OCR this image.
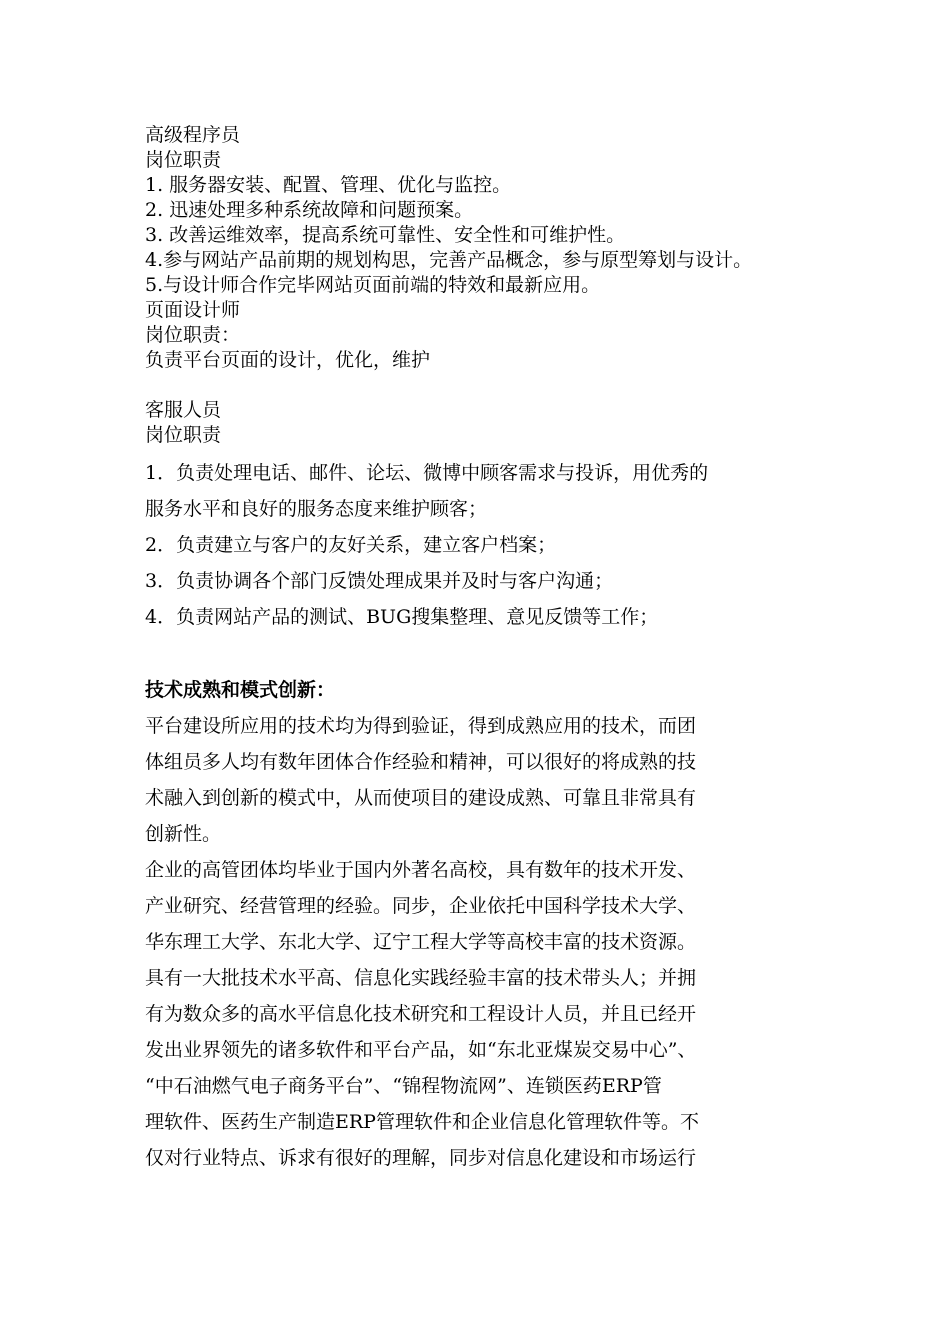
高级程序员
岗位职责
1. 服务器安装、配置、管理、优化与监控。
2. 迅速处理多种系统故障和问题预案。
3. 改善运维效率，提高系统可靠性、安全性和可维护性。
4.参与网站产品前期的规划构思，完善产品概念，参与原型筹划与设计。
5.与设计师合作完毕网站页面前端的特效和最新应用。
页面设计师
岗位职责：
负责平台页面的设计，优化，维护
客服人员
岗位职责
1．负责处理电话、邮件、论坛、微博中顾客需求与投诉，用优秀的
服务水平和良好的服务态度来维护顾客；
2．负责建立与客户的友好关系，建立客户档案；
3．负责协调各个部门反馈处理成果并及时与客户沟通；
4．负责网站产品的测试、BUG搜集整理、意见反馈等工作；
技术成熟和模式创新：
平台建设所应用的技术均为得到验证，得到成熟应用的技术，而团
体组员多人均有数年团体合作经验和精神，可以很好的将成熟的技
术融入到创新的模式中，从而使项目的建设成熟、可靠且非常具有
创新性。
企业的高管团体均毕业于国内外著名高校，具有数年的技术开发、
产业研究、经营管理的经验。同步，企业依托中国科学技术大学、
华东理工大学、东北大学、辽宁工程大学等高校丰富的技术资源。
具有一大批技术水平高、信息化实践经验丰富的技术带头人；并拥
有为数众多的高水平信息化技术研究和工程设计人员，并且已经开
发出业界领先的诸多软件和平台产品，如“东北亚煤炭交易中心”、
“中石油燃气电子商务平台”、“锦程物流网”、连锁医药ERP管
理软件、医药生产制造ERP管理软件和企业信息化管理软件等。不
仅对行业特点、诉求有很好的理解，同步对信息化建设和市场运行
